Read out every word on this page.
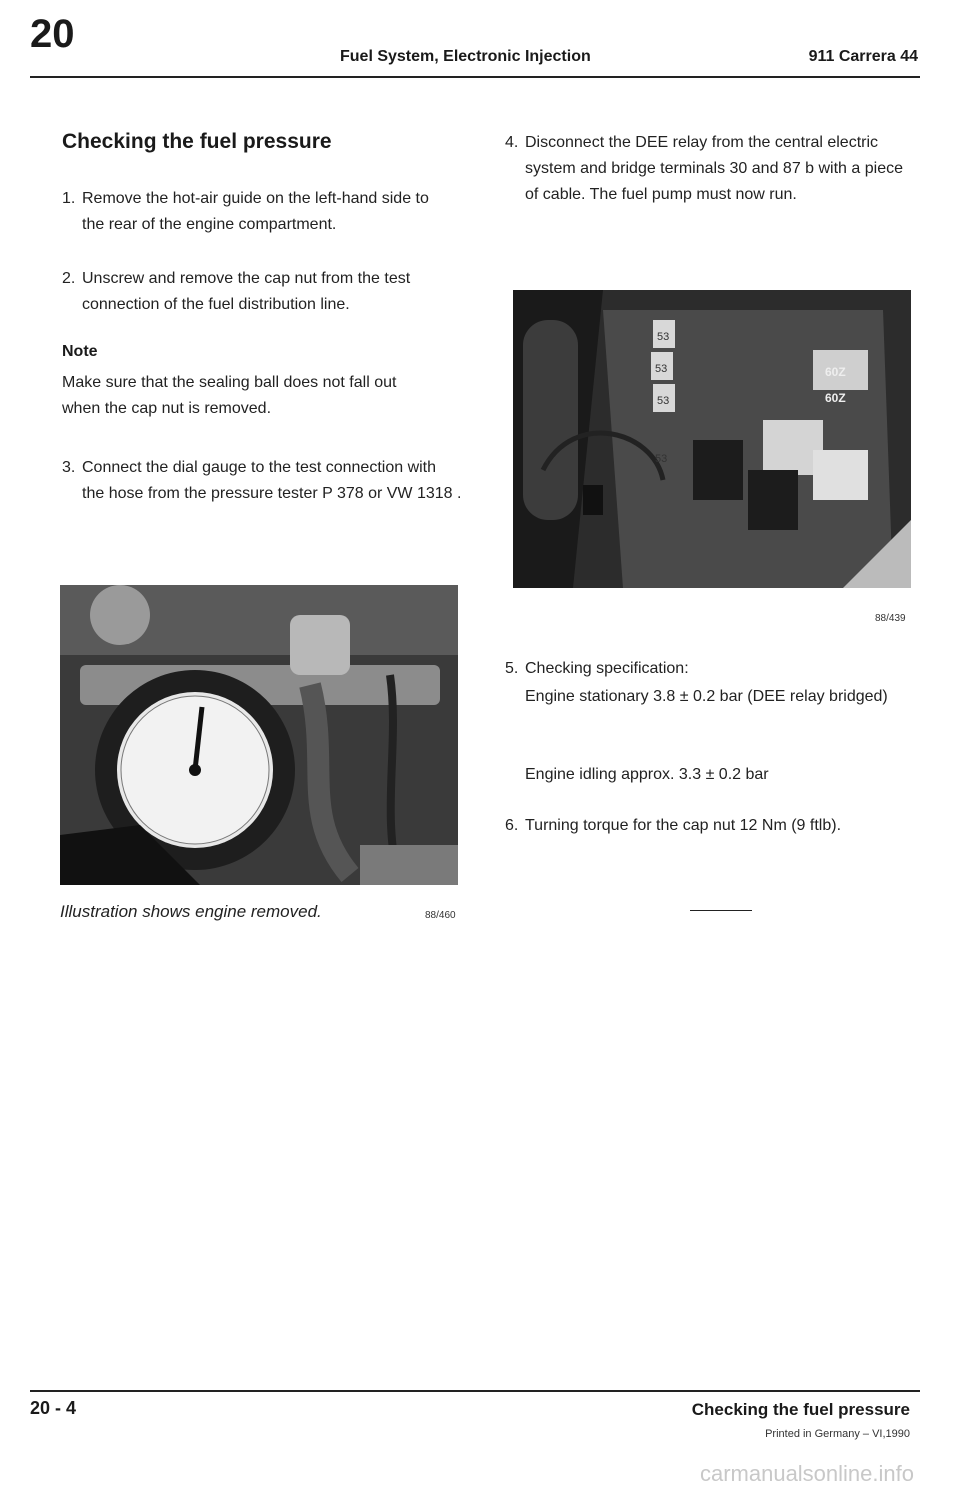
20
Fuel System, Electronic Injection	911 Carrera 44
Checking the fuel pressure
1. Remove the hot-air guide on the left-hand side to the rear of the engine compartment.
2. Unscrew and remove the cap nut from the test connection of the fuel distribution line.
Note
Make sure that the sealing ball does not fall out when the cap nut is removed.
3. Connect the dial gauge to the test connection with the hose from the pressure tester P 378 or VW 1318 .
Illustration shows engine removed.	88/460
4. Disconnect the DEE relay from the central electric system and bridge terminals 30 and 87 b with a piece of cable. The fuel pump must now run.
53
53
53
60Z
60Z
53
88/439
5. Checking specification:
Engine stationary 3.8 ± 0.2 bar (DEE relay bridged)
Engine idling approx. 3.3 ± 0.2 bar
6. Turning torque for the cap nut 12 Nm (9 ftlb).
20 - 4	Checking the fuel pressure
Printed in Germany – VI,1990
carmanualsonline.info
